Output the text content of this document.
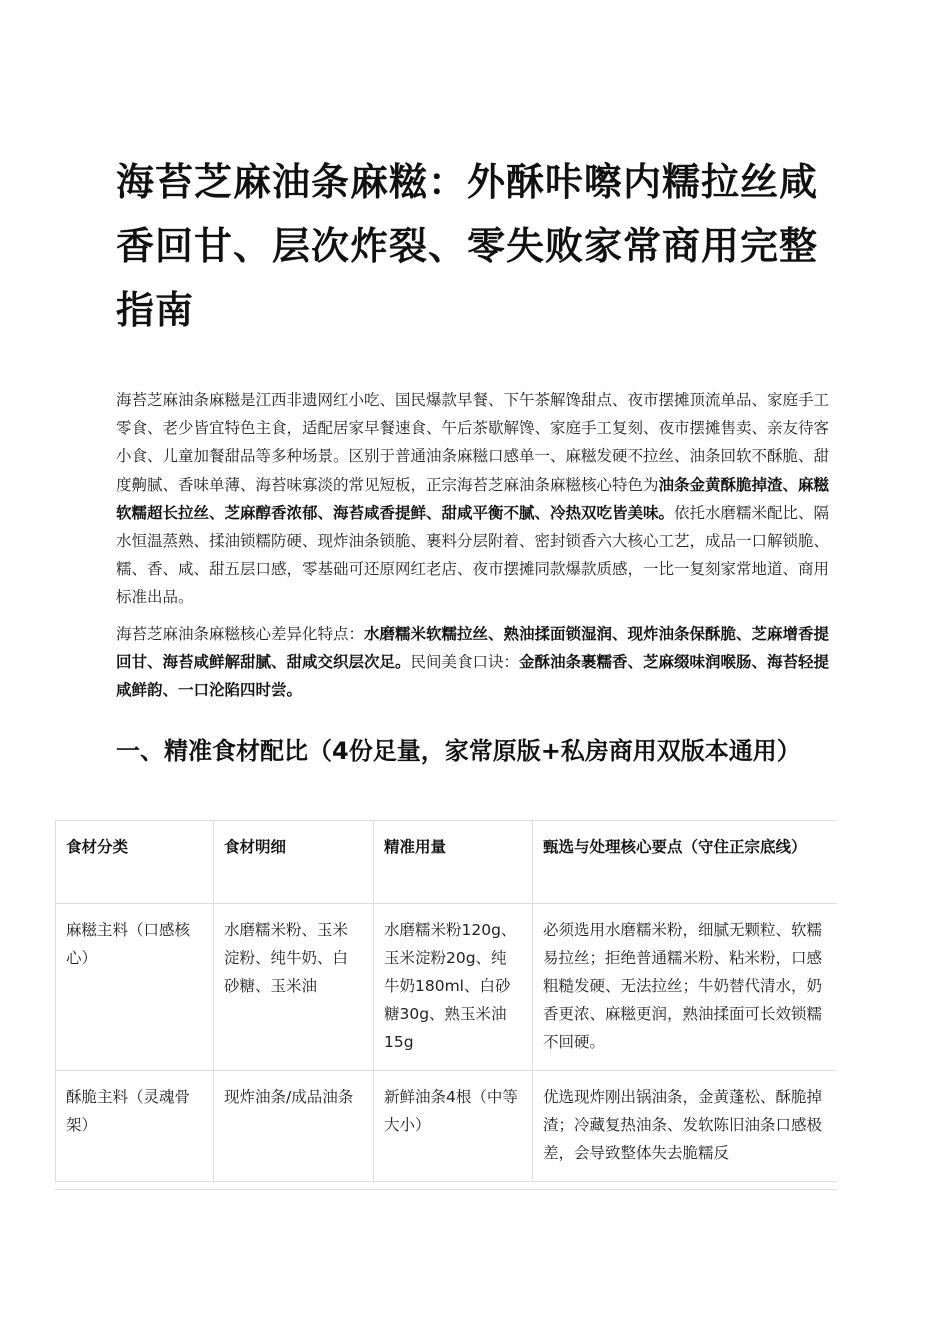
海苔芝麻油条麻糍：外酥咔嚓内糯拉丝咸香回甘、层次炸裂、零失败家常商用完整指南

海苔芝麻油条麻糍是江西非遗网红小吃、国民爆款早餐、下午茶解馋甜点、夜市摆摊顶流单品、家庭手工零食、老少皆宜特色主食，适配居家早餐速食、午后茶歇解馋、家庭手工复刻、夜市摆摊售卖、亲友待客小食、儿童加餐甜品等多种场景。区别于普通油条麻糍口感单一、麻糍发硬不拉丝、油条回软不酥脆、甜度齁腻、香味单薄、海苔味寡淡的常见短板，正宗海苔芝麻油条麻糍核心特色为油条金黄酥脆掉渣、麻糍软糯超长拉丝、芝麻醇香浓郁、海苔咸香提鲜、甜咸平衡不腻、冷热双吃皆美味。依托水磨糯米配比、隔水恒温蒸熟、揉油锁糯防硬、现炸油条锁脆、裹料分层附着、密封锁香六大核心工艺，成品一口解锁脆、糯、香、咸、甜五层口感，零基础可还原网红老店、夜市摆摊同款爆款质感，一比一复刻家常地道、商用标准出品。

海苔芝麻油条麻糍核心差异化特点：水磨糯米软糯拉丝、熟油揉面锁湿润、现炸油条保酥脆、芝麻增香提回甘、海苔咸鲜解甜腻、甜咸交织层次足。民间美食口诀：金酥油条裹糯香、芝麻缀味润喉肠、海苔轻提咸鲜韵、一口沦陷四时尝。

一、精准食材配比（4份足量，家常原版+私房商用双版本通用）
食材分类	食材明细	精准用量	甄选与处理核心要点（守住正宗底线）
麻糍主料（口感核心）	水磨糯米粉、玉米淀粉、纯牛奶、白砂糖、玉米油	水磨糯米粉120g、玉米淀粉20g、纯牛奶180ml、白砂糖30g、熟玉米油15g	必须选用水磨糯米粉，细腻无颗粒、软糯易拉丝；拒绝普通糯米粉、粘米粉，口感粗糙发硬、无法拉丝；牛奶替代清水，奶香更浓、麻糍更润，熟油揉面可长效锁糯不回硬。
酥脆主料（灵魂骨架）	现炸油条/成品油条	新鲜油条4根（中等大小）	优选现炸刚出锅油条，金黄蓬松、酥脆掉渣；冷藏复热油条、发软陈旧油条口感极差，会导致整体失去脆糯反
